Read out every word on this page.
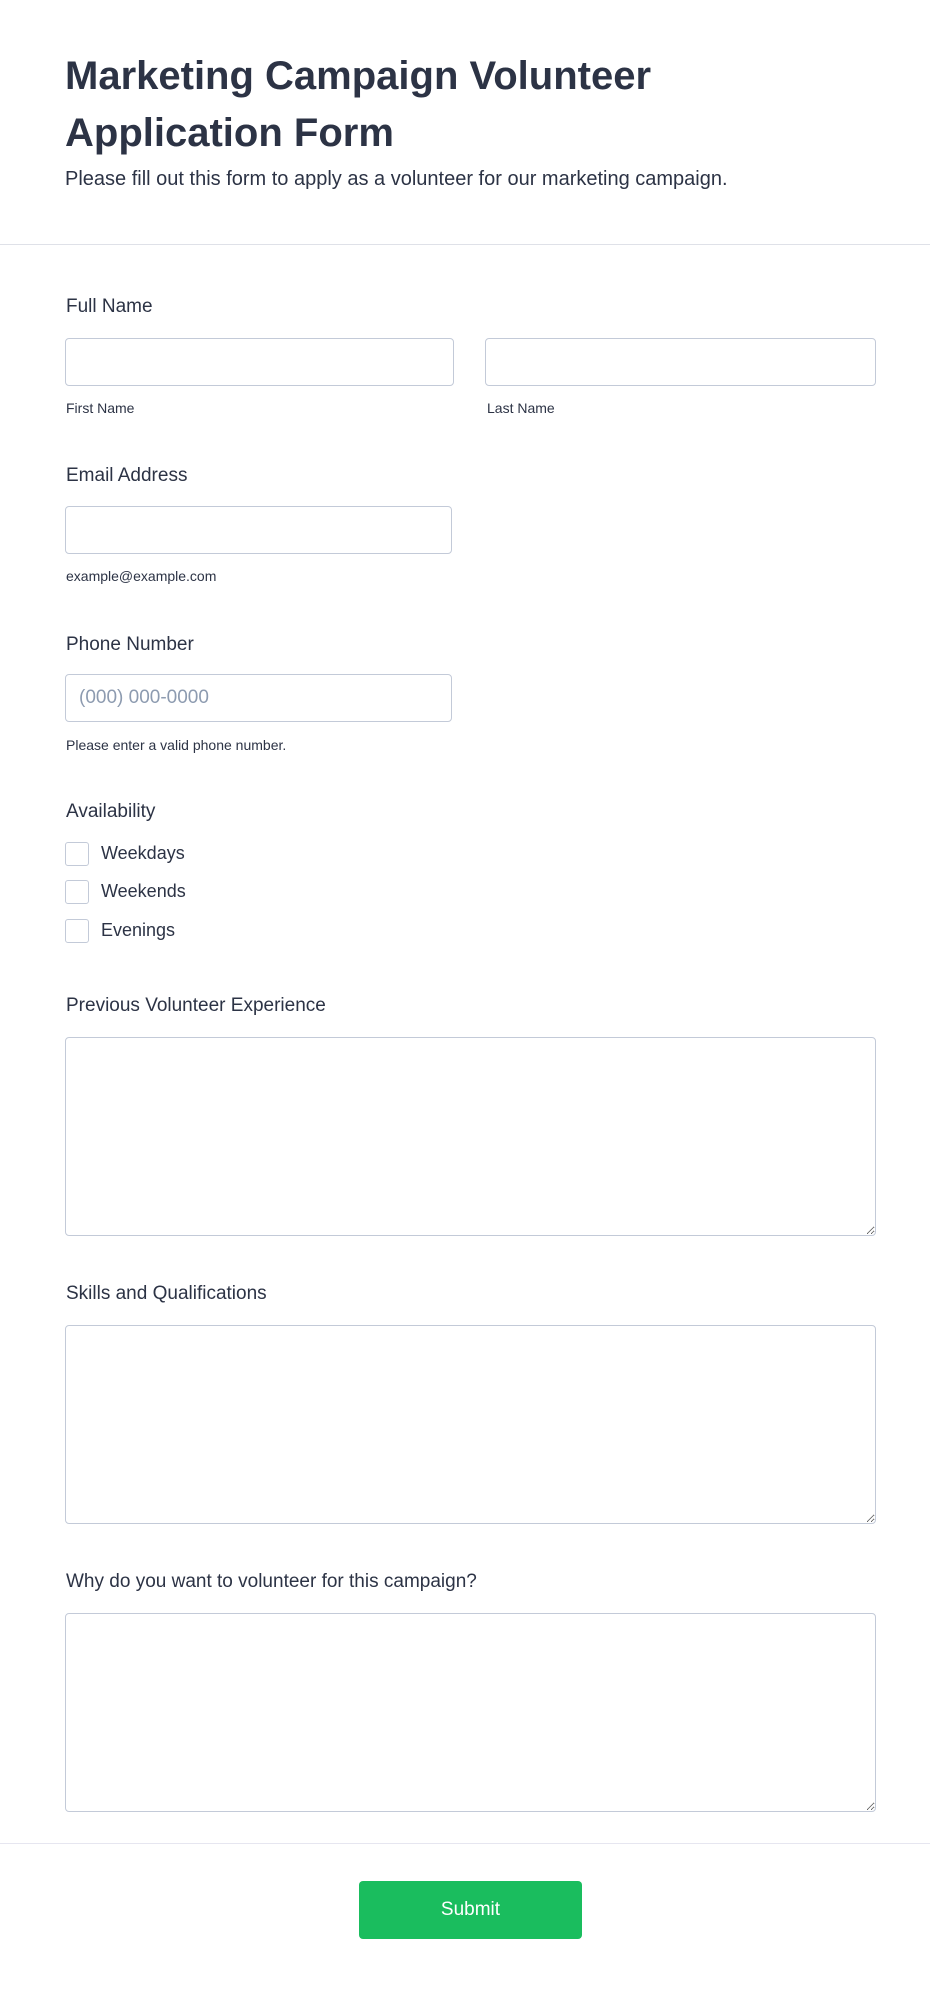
Marketing Campaign Volunteer Application Form
Please fill out this form to apply as a volunteer for our marketing campaign.
Full Name
First Name	Last Name
Email Address
example@example.com
Phone Number
(000) 000-0000
Please enter a valid phone number.
Availability
Weekdays
Weekends
Evenings
Previous Volunteer Experience
Skills and Qualifications
Why do you want to volunteer for this campaign?
Submit
